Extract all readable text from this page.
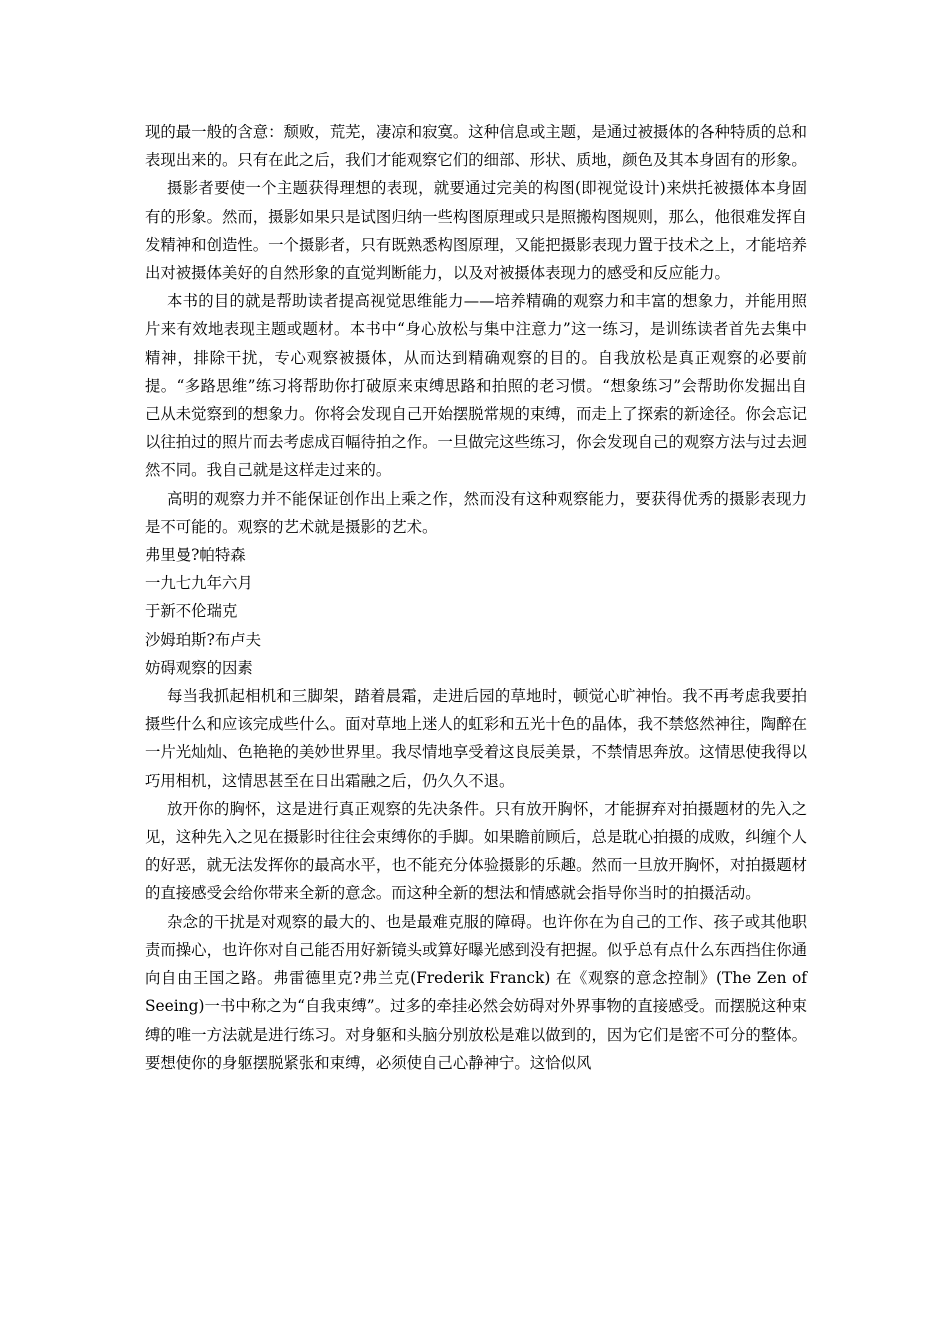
现的最一般的含意：颓败，荒芜，凄凉和寂寞。这种信息或主题，是通过被摄体的各种特质的总和表现出来的。只有在此之后，我们才能观察它们的细部、形状、质地，颜色及其本身固有的形象。

摄影者要使一个主题获得理想的表现，就要通过完美的构图(即视觉设计)来烘托被摄体本身固有的形象。然而，摄影如果只是试图归纳一些构图原理或只是照搬构图规则，那么，他很难发挥自发精神和创造性。一个摄影者，只有既熟悉构图原理，又能把摄影表现力置于技术之上，才能培养出对被摄体美好的自然形象的直觉判断能力，以及对被摄体表现力的感受和反应能力。

本书的目的就是帮助读者提高视觉思维能力——培养精确的观察力和丰富的想象力，并能用照片来有效地表现主题或题材。本书中“身心放松与集中注意力”这一练习，是训练读者首先去集中精神，排除干扰，专心观察被摄体，从而达到精确观察的目的。自我放松是真正观察的必要前提。“多路思维”练习将帮助你打破原来束缚思路和拍照的老习惯。“想象练习”会帮助你发掘出自己从未觉察到的想象力。你将会发现自己开始摆脱常规的束缚，而走上了探索的新途径。你会忘记以往拍过的照片而去考虑成百幅待拍之作。一旦做完这些练习，你会发现自己的观察方法与过去迥然不同。我自己就是这样走过来的。

高明的观察力并不能保证创作出上乘之作，然而没有这种观察能力，要获得优秀的摄影表现力是不可能的。观察的艺术就是摄影的艺术。

弗里曼?帕特森

一九七九年六月

于新不伦瑞克

沙姆珀斯?布卢夫

妨碍观察的因素

每当我抓起相机和三脚架，踏着晨霜，走进后园的草地时，顿觉心旷神怡。我不再考虑我要拍摄些什么和应该完成些什么。面对草地上迷人的虹彩和五光十色的晶体，我不禁悠然神往，陶醉在一片光灿灿、色艳艳的美妙世界里。我尽情地享受着这良辰美景，不禁情思奔放。这情思使我得以巧用相机，这情思甚至在日出霜融之后，仍久久不退。

放开你的胸怀，这是进行真正观察的先决条件。只有放开胸怀，才能摒弃对拍摄题材的先入之见，这种先入之见在摄影时往往会束缚你的手脚。如果瞻前顾后，总是耽心拍摄的成败，纠缠个人的好恶，就无法发挥你的最高水平，也不能充分体验摄影的乐趣。然而一旦放开胸怀，对拍摄题材的直接感受会给你带来全新的意念。而这种全新的想法和情感就会指导你当时的拍摄活动。

杂念的干扰是对观察的最大的、也是最难克服的障碍。也许你在为自己的工作、孩子或其他职责而操心，也许你对自己能否用好新镜头或算好曝光感到没有把握。似乎总有点什么东西挡住你通向自由王国之路。弗雷德里克?弗兰克(Frederik Franck) 在《观察的意念控制》(The Zen of Seeing)一书中称之为“自我束缚”。过多的牵挂必然会妨碍对外界事物的直接感受。而摆脱这种束缚的唯一方法就是进行练习。对身躯和头脑分别放松是难以做到的，因为它们是密不可分的整体。要想使你的身躯摆脱紧张和束缚，必须使自己心静神宁。这恰似风
